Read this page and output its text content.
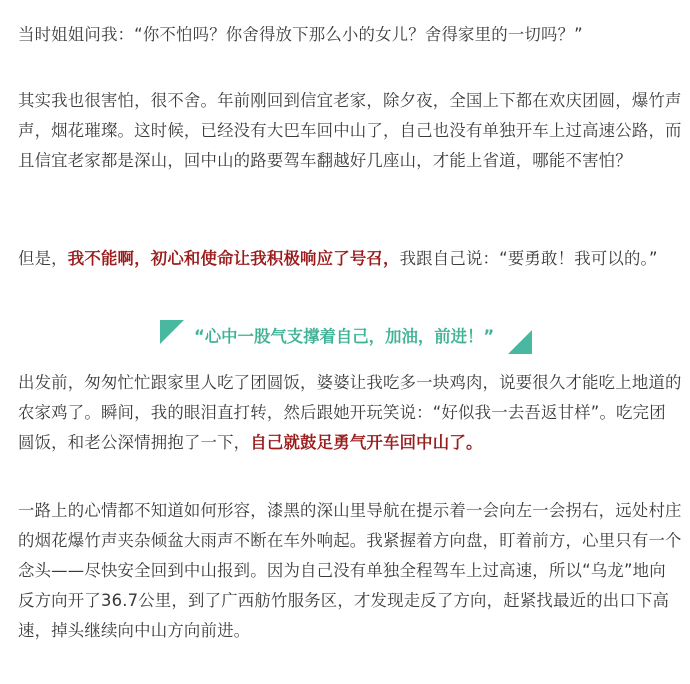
当时姐姐问我：“你不怕吗？你舍得放下那么小的女儿？舍得家里的一切吗？”

其实我也很害怕，很不舍。年前刚回到信宜老家，除夕夜，全国上下都在欢庆团圆，爆竹声声，烟花璀璨。这时候，已经没有大巴车回中山了，自己也没有单独开车上过高速公路，而且信宜老家都是深山，回中山的路要驾车翻越好几座山，才能上省道，哪能不害怕？

但是，我不能啊，初心和使命让我积极响应了号召，我跟自己说：“要勇敢！我可以的。”

“心中一股气支撑着自己，加油，前进！”

出发前，匆匆忙忙跟家里人吃了团圆饭，婆婆让我吃多一块鸡肉，说要很久才能吃上地道的农家鸡了。瞬间，我的眼泪直打转，然后跟她开玩笑说：“好似我一去吾返甘样”。吃完团圆饭，和老公深情拥抱了一下，自己就鼓足勇气开车回中山了。

一路上的心情都不知道如何形容，漆黑的深山里导航在提示着一会向左一会拐右，远处村庄的烟花爆竹声夹杂倾盆大雨声不断在车外响起。我紧握着方向盘，盯着前方，心里只有一个念头——尽快安全回到中山报到。因为自己没有单独全程驾车上过高速，所以“乌龙”地向反方向开了36.7公里，到了广西舫竹服务区，才发现走反了方向，赶紧找最近的出口下高速，掉头继续向中山方向前进。
